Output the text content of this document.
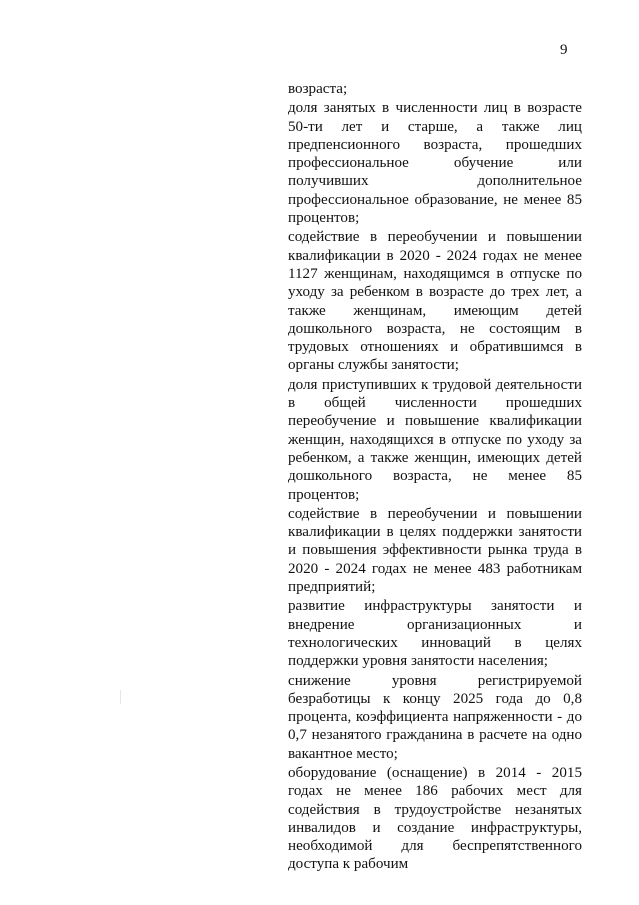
9

возраста;

доля занятых в численности лиц в возрасте 50-ти лет и старше, а также лиц предпенсионного возраста, прошедших профессиональное обучение или получивших дополнительное профессиональное образование, не менее 85 процентов;

содействие в переобучении и повышении квалификации в 2020 - 2024 годах не менее 1127 женщинам, находящимся в отпуске по уходу за ребенком в возрасте до трех лет, а также женщинам, имеющим детей дошкольного возраста, не состоящим в трудовых отношениях и обратившимся в органы службы занятости;

доля приступивших к трудовой деятельности в общей численности прошедших переобучение и повышение квалификации женщин, находящихся в отпуске по уходу за ребенком, а также женщин, имеющих детей дошкольного возраста, не менее 85 процентов;

содействие в переобучении и повышении квалификации в целях поддержки занятости и повышения эффективности рынка труда в 2020 - 2024 годах не менее 483 работникам предприятий;

развитие инфраструктуры занятости и внедрение организационных и технологических инноваций в целях поддержки уровня занятости населения;

снижение уровня регистрируемой безработицы к концу 2025 года до 0,8 процента, коэффициента напряженности - до 0,7 незанятого гражданина в расчете на одно вакантное место;

оборудование (оснащение) в 2014 - 2015 годах не менее 186 рабочих мест для содействия в трудоустройстве незанятых инвалидов и создание инфраструктуры, необходимой для беспрепятственного доступа к рабочим
